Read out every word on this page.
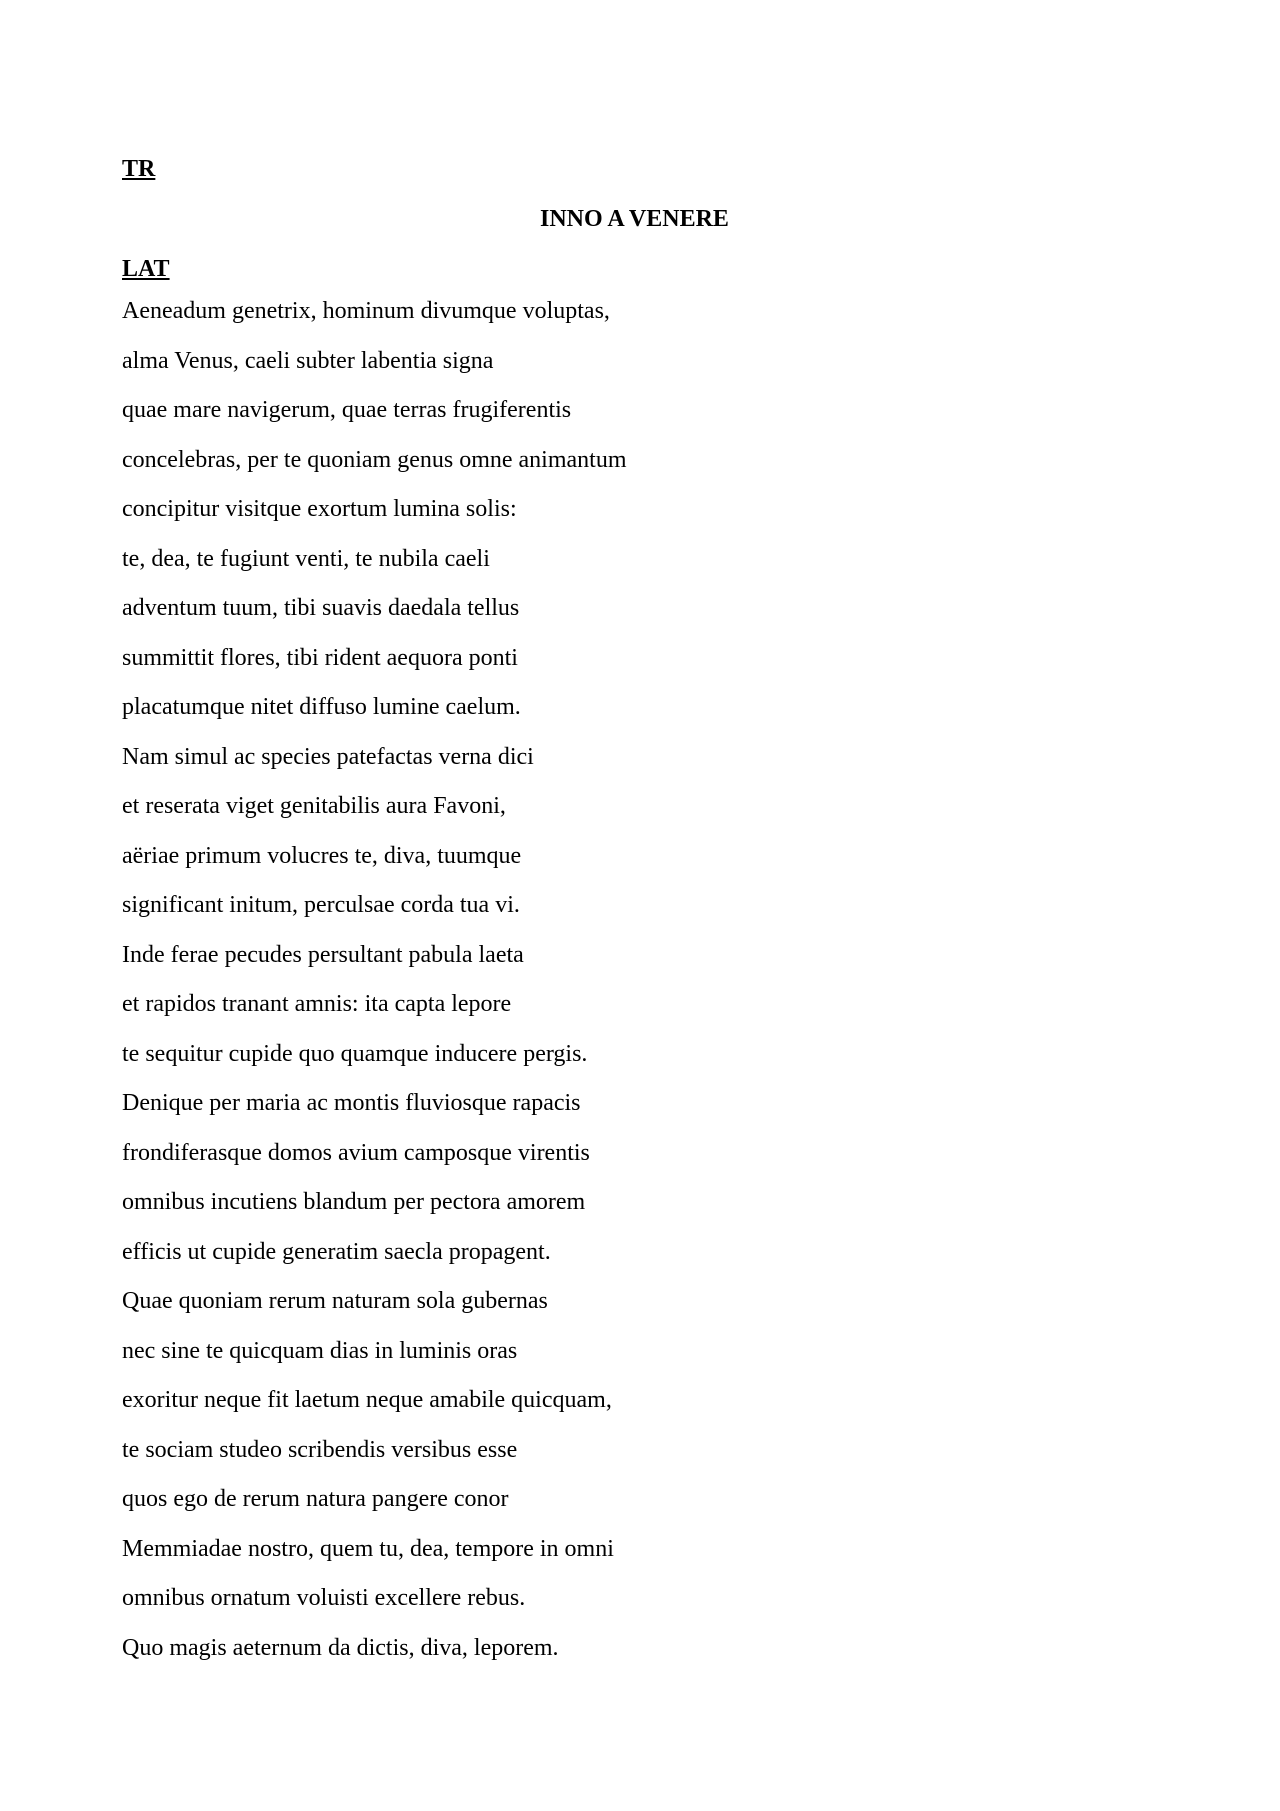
TR
INNO A VENERE
LAT
Aeneadum genetrix, hominum divumque voluptas,
alma Venus, caeli subter labentia signa
quae mare navigerum, quae terras frugiferentis
concelebras, per te quoniam genus omne animantum
concipitur visitque exortum lumina solis:
te, dea, te fugiunt venti, te nubila caeli
adventum tuum, tibi suavis daedala tellus
summittit flores, tibi rident aequora ponti
placatumque nitet diffuso lumine caelum.
Nam simul ac species patefactas verna dici
et reserata viget genitabilis aura Favoni,
aëriae primum volucres te, diva, tuumque
significant initum, perculsae corda tua vi.
Inde ferae pecudes persultant pabula laeta
et rapidos tranant amnis: ita capta lepore
te sequitur cupide quo quamque inducere pergis.
Denique per maria ac montis fluviosque rapacis
frondiferasque domos avium camposque virentis
omnibus incutiens blandum per pectora amorem
efficis ut cupide generatim saecla propagent.
Quae quoniam rerum naturam sola gubernas
nec sine te quicquam dias in luminis oras
exoritur neque fit laetum neque amabile quicquam,
te sociam studeo scribendis versibus esse
quos ego de rerum natura pangere conor
Memmiadae nostro, quem tu, dea, tempore in omni
omnibus ornatum voluisti excellere rebus.
Quo magis aeternum da dictis, diva, leporem.
